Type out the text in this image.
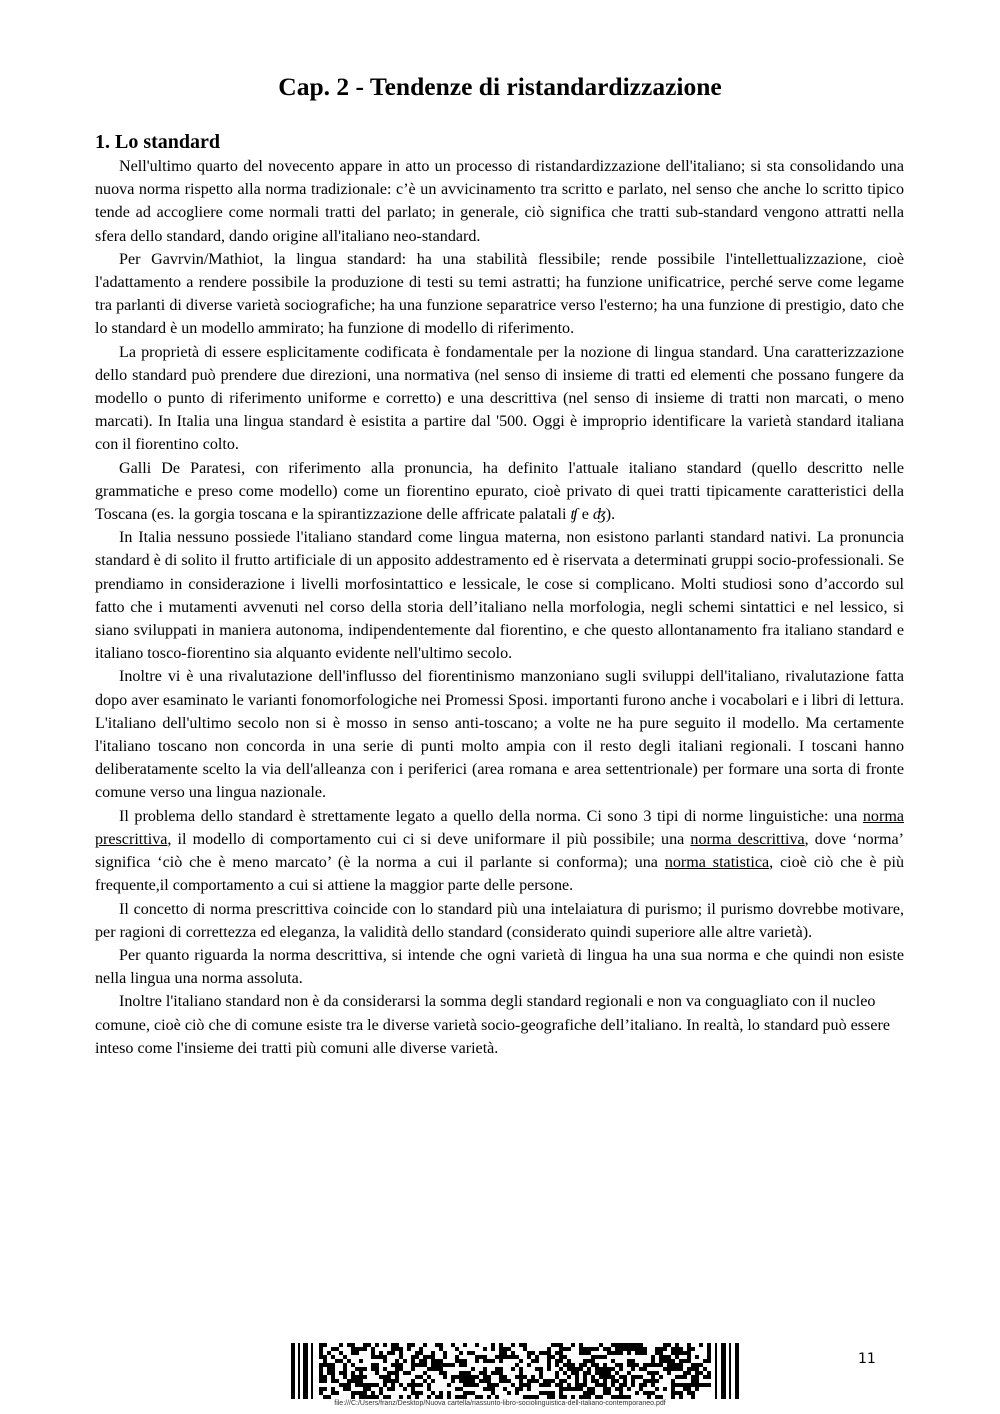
Cap. 2 - Tendenze di ristandardizzazione
1. Lo standard

Nell'ultimo quarto del novecento appare in atto un processo di ristandardizzazione dell'italiano; si sta consolidando una nuova norma rispetto alla norma tradizionale: c’è un avvicinamento tra scritto e parlato, nel senso che anche lo scritto tipico tende ad accogliere come normali tratti del parlato; in generale, ciò significa che tratti sub-standard vengono attratti nella sfera dello standard, dando origine all'italiano neo-standard.

Per Gavrvin/Mathiot, la lingua standard: ha una stabilità flessibile; rende possibile l'intellettualizzazione, cioè l'adattamento a rendere possibile la produzione di testi su temi astratti; ha funzione unificatrice, perché serve come legame tra parlanti di diverse varietà sociografiche; ha una funzione separatrice verso l'esterno; ha una funzione di prestigio, dato che lo standard è un modello ammirato; ha funzione di modello di riferimento.

La proprietà di essere esplicitamente codificata è fondamentale per la nozione di lingua standard. Una caratterizzazione dello standard può prendere due direzioni, una normativa (nel senso di insieme di tratti ed elementi che possano fungere da modello o punto di riferimento uniforme e corretto) e una descrittiva (nel senso di insieme di tratti non marcati, o meno marcati). In Italia una lingua standard è esistita a partire dal '500. Oggi è improprio identificare la varietà standard italiana con il fiorentino colto.

Galli De Paratesi, con riferimento alla pronuncia, ha definito l'attuale italiano standard (quello descritto nelle grammatiche e preso come modello) come un fiorentino epurato, cioè privato di quei tratti tipicamente caratteristici della Toscana (es. la gorgia toscana e la spirantizzazione delle affricate palatali ʧ e ʤ).

In Italia nessuno possiede l'italiano standard come lingua materna, non esistono parlanti standard nativi. La pronuncia standard è di solito il frutto artificiale di un apposito addestramento ed è riservata a determinati gruppi socio-professionali. Se prendiamo in considerazione i livelli morfosintattico e lessicale, le cose si complicano. Molti studiosi sono d’accordo sul fatto che i mutamenti avvenuti nel corso della storia dell’italiano nella morfologia, negli schemi sintattici e nel lessico, si siano sviluppati in maniera autonoma, indipendentemente dal fiorentino, e che questo allontanamento fra italiano standard e italiano tosco-fiorentino sia alquanto evidente nell'ultimo secolo.

Inoltre vi è una rivalutazione dell'influsso del fiorentinismo manzoniano sugli sviluppi dell'italiano, rivalutazione fatta dopo aver esaminato le varianti fonomorfologiche nei Promessi Sposi. importanti furono anche i vocabolari e i libri di lettura. L'italiano dell'ultimo secolo non si è mosso in senso anti-toscano; a volte ne ha pure seguito il modello. Ma certamente l'italiano toscano non concorda in una serie di punti molto ampia con il resto degli italiani regionali. I toscani hanno deliberatamente scelto la via dell'alleanza con i periferici (area romana e area settentrionale) per formare una sorta di fronte comune verso una lingua nazionale.

Il problema dello standard è strettamente legato a quello della norma. Ci sono 3 tipi di norme linguistiche: una norma prescrittiva, il modello di comportamento cui ci si deve uniformare il più possibile; una norma descrittiva, dove ‘norma’ significa ‘ciò che è meno marcato’ (è la norma a cui il parlante si conforma); una norma statistica, cioè ciò che è più frequente,il comportamento a cui si attiene la maggior parte delle persone.

Il concetto di norma prescrittiva coincide con lo standard più una intelaiatura di purismo; il purismo dovrebbe motivare, per ragioni di correttezza ed eleganza, la validità dello standard (considerato quindi superiore alle altre varietà).

Per quanto riguarda la norma descrittiva, si intende che ogni varietà di lingua ha una sua norma e che quindi non esiste nella lingua una norma assoluta.

Inoltre l'italiano standard non è da considerarsi la somma degli standard regionali e non va conguagliato con il nucleo comune, cioè ciò che di comune esiste tra le diverse varietà socio-geografiche dell’italiano. In realtà, lo standard può essere inteso come l'insieme dei tratti più comuni alle diverse varietà.

11
file:///C:/Users/franz/Desktop/Nuova cartella/riassunto-libro-sociolinguistica-dell-italiano-contemporaneo.pdf
